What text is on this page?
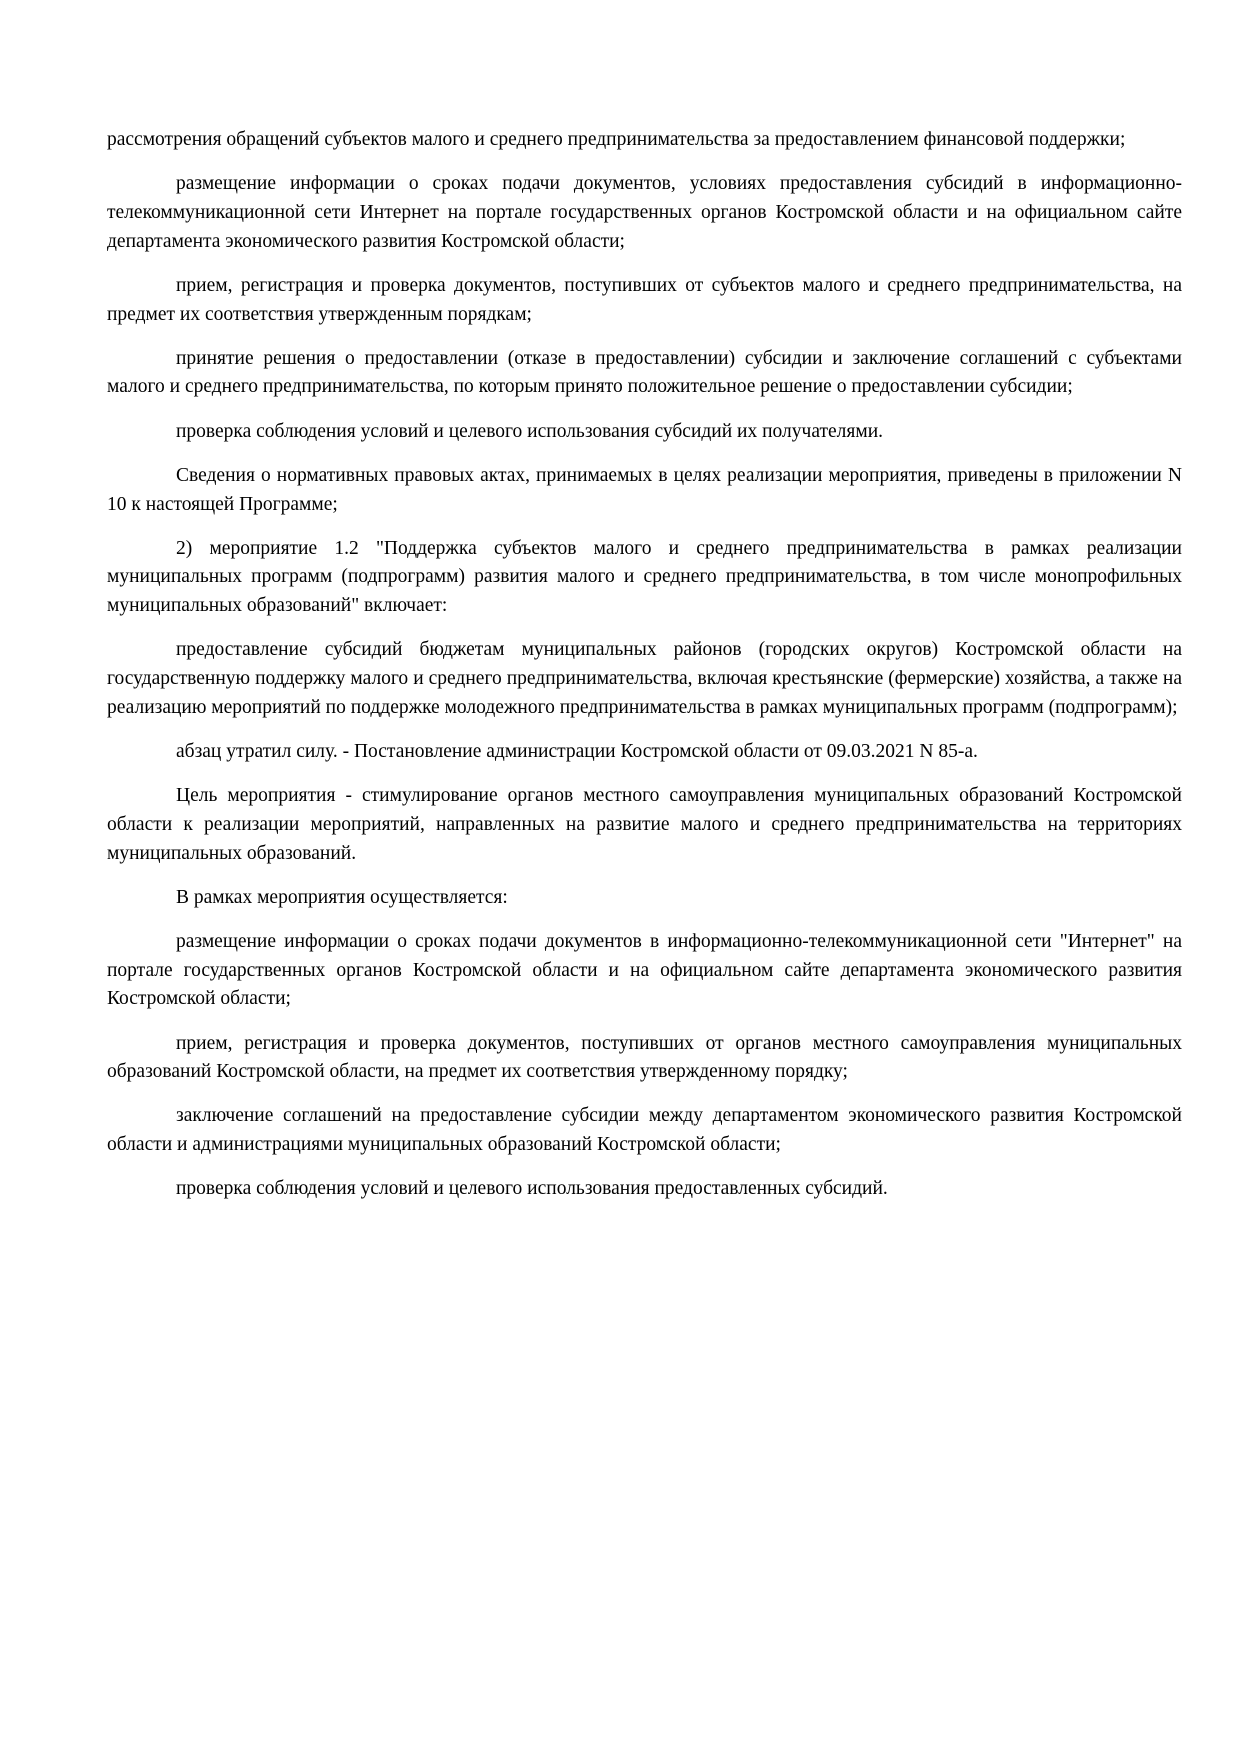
рассмотрения обращений субъектов малого и среднего предпринимательства за предоставлением финансовой поддержки;

размещение информации о сроках подачи документов, условиях предоставления субсидий в информационно-телекоммуникационной сети Интернет на портале государственных органов Костромской области и на официальном сайте департамента экономического развития Костромской области;

прием, регистрация и проверка документов, поступивших от субъектов малого и среднего предпринимательства, на предмет их соответствия утвержденным порядкам;

принятие решения о предоставлении (отказе в предоставлении) субсидии и заключение соглашений с субъектами малого и среднего предпринимательства, по которым принято положительное решение о предоставлении субсидии;

проверка соблюдения условий и целевого использования субсидий их получателями.

Сведения о нормативных правовых актах, принимаемых в целях реализации мероприятия, приведены в приложении N 10 к настоящей Программе;

2) мероприятие 1.2 "Поддержка субъектов малого и среднего предпринимательства в рамках реализации муниципальных программ (подпрограмм) развития малого и среднего предпринимательства, в том числе монопрофильных муниципальных образований" включает:

предоставление субсидий бюджетам муниципальных районов (городских округов) Костромской области на государственную поддержку малого и среднего предпринимательства, включая крестьянские (фермерские) хозяйства, а также на реализацию мероприятий по поддержке молодежного предпринимательства в рамках муниципальных программ (подпрограмм);

абзац утратил силу. - Постановление администрации Костромской области от 09.03.2021 N 85-а.

Цель мероприятия - стимулирование органов местного самоуправления муниципальных образований Костромской области к реализации мероприятий, направленных на развитие малого и среднего предпринимательства на территориях муниципальных образований.

В рамках мероприятия осуществляется:

размещение информации о сроках подачи документов в информационно-телекоммуникационной сети "Интернет" на портале государственных органов Костромской области и на официальном сайте департамента экономического развития Костромской области;

прием, регистрация и проверка документов, поступивших от органов местного самоуправления муниципальных образований Костромской области, на предмет их соответствия утвержденному порядку;

заключение соглашений на предоставление субсидии между департаментом экономического развития Костромской области и администрациями муниципальных образований Костромской области;

проверка соблюдения условий и целевого использования предоставленных субсидий.
